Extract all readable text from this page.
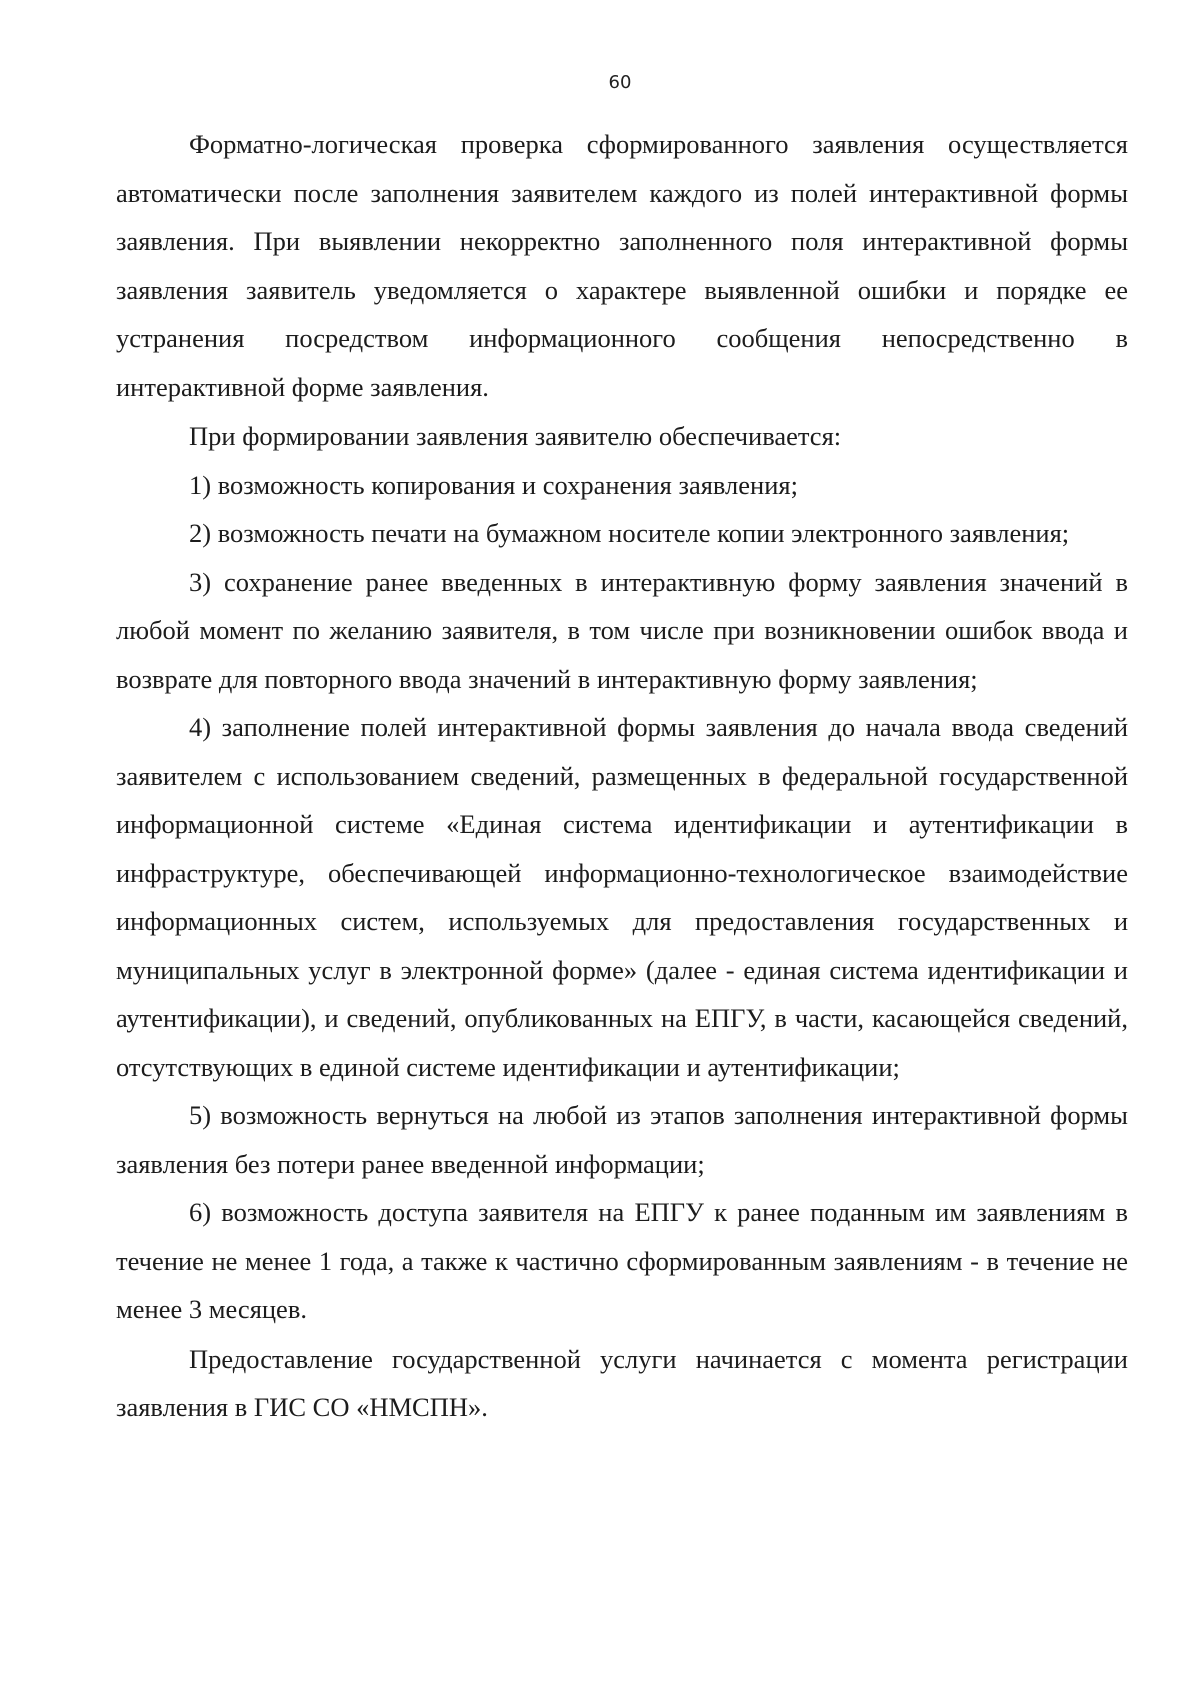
60

Форматно-логическая проверка сформированного заявления осуществляется автоматически после заполнения заявителем каждого из полей интерактивной формы заявления. При выявлении некорректно заполненного поля интерактивной формы заявления заявитель уведомляется о характере выявленной ошибки и порядке ее устранения посредством информационного сообщения непосредственно в интерактивной форме заявления.

При формировании заявления заявителю обеспечивается:

1) возможность копирования и сохранения заявления;

2) возможность печати на бумажном носителе копии электронного заявления;

3) сохранение ранее введенных в интерактивную форму заявления значений в любой момент по желанию заявителя, в том числе при возникновении ошибок ввода и возврате для повторного ввода значений в интерактивную форму заявления;

4) заполнение полей интерактивной формы заявления до начала ввода сведений заявителем с использованием сведений, размещенных в федеральной государственной информационной системе «Единая система идентификации и аутентификации в инфраструктуре, обеспечивающей информационно-технологическое взаимодействие информационных систем, используемых для предоставления государственных и муниципальных услуг в электронной форме» (далее - единая система идентификации и аутентификации), и сведений, опубликованных на ЕПГУ, в части, касающейся сведений, отсутствующих в единой системе идентификации и аутентификации;

5) возможность вернуться на любой из этапов заполнения интерактивной формы заявления без потери ранее введенной информации;

6) возможность доступа заявителя на ЕПГУ к ранее поданным им заявлениям в течение не менее 1 года, а также к частично сформированным заявлениям - в течение не менее 3 месяцев.

Предоставление государственной услуги начинается с момента регистрации заявления в ГИС СО «НМСПН».
